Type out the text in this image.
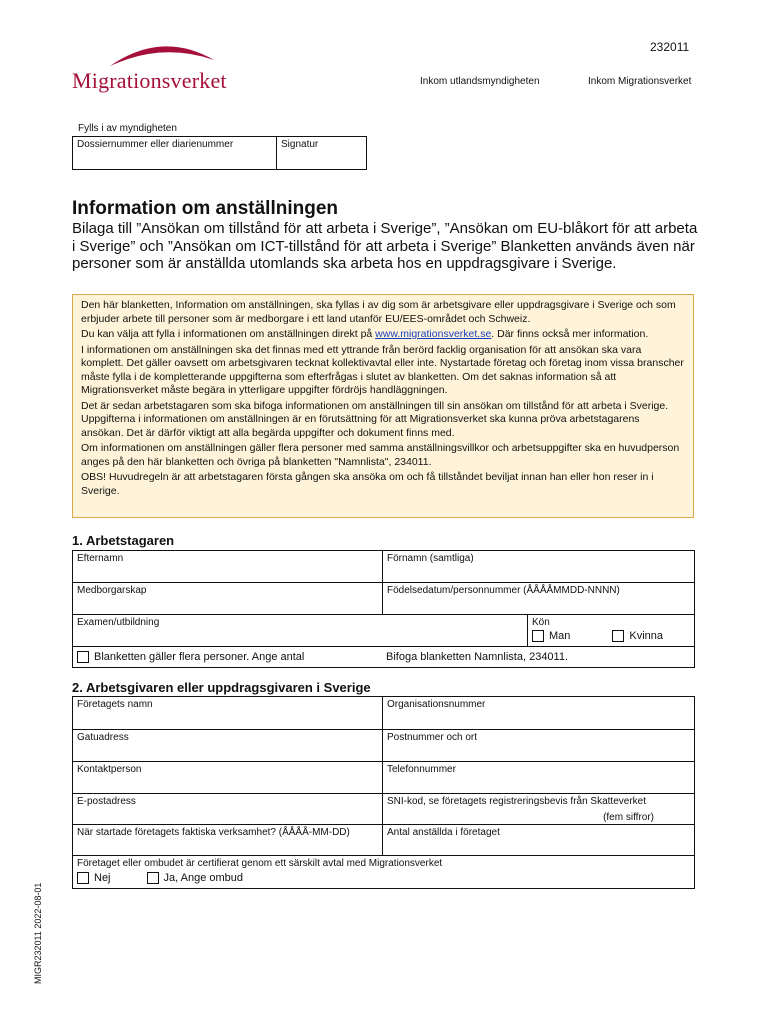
Migrationsverket
232011
Inkom utlandsmyndigheten	Inkom Migrationsverket
Fylls i av myndigheten
Dossiernummer eller diarienummer	Signatur
Information om anställningen
Bilaga till ”Ansökan om tillstånd för att arbeta i Sverige”, ”Ansökan om EU-blåkort för att arbeta i Sverige” och ”Ansökan om ICT-tillstånd för att arbeta i Sverige” Blanketten används även när personer som är anställda utomlands ska arbeta hos en uppdragsgivare i Sverige.

Den här blanketten, Information om anställningen, ska fyllas i av dig som är arbetsgivare eller uppdragsgivare i Sverige och som erbjuder arbete till personer som är medborgare i ett land utanför EU/EES-området och Schweiz.

Du kan välja att fylla i informationen om anställningen direkt på www.migrationsverket.se. Där finns också mer information.

I informationen om anställningen ska det finnas med ett yttrande från berörd facklig organisation för att ansökan ska vara komplett. Det gäller oavsett om arbetsgivaren tecknat kollektivavtal eller inte. Nystartade företag och företag inom vissa branscher måste fylla i de kompletterande uppgifterna som efterfrågas i slutet av blanketten. Om det saknas information så att Migrationsverket måste begära in ytterligare uppgifter fördröjs handläggningen.

Det är sedan arbetstagaren som ska bifoga informationen om anställningen till sin ansökan om tillstånd för att arbeta i Sverige. Uppgifterna i informationen om anställningen är en förutsättning för att Migrationsverket ska kunna pröva arbetstagarens ansökan. Det är därför viktigt att alla begärda uppgifter och dokument finns med.

Om informationen om anställningen gäller flera personer med samma anställningsvillkor och arbetsuppgifter ska en huvudperson anges på den här blanketten och övriga på blanketten "Namnlista", 234011.

OBS! Huvudregeln är att arbetstagaren första gången ska ansöka om och få tillståndet beviljat innan han eller hon reser in i Sverige.

1. Arbetstagaren
Efternamn	Förnamn (samtliga)
Medborgarskap	Födelsedatum/personnummer (ÅÅÅÅMMDD-NNNN)
Examen/utbildning	Kön
Man	Kvinna
Blanketten gäller flera personer. Ange antal	Bifoga blanketten Namnlista, 234011.
2. Arbetsgivaren eller uppdragsgivaren i Sverige
Företagets namn	Organisationsnummer
Gatuadress	Postnummer och ort
Kontaktperson	Telefonnummer
E-postadress	SNI-kod, se företagets registreringsbevis från Skatteverket
(fem siffror)
När startade företagets faktiska verksamhet? (ÅÅÅÅ-MM-DD)	Antal anställda i företaget
Företaget eller ombudet är certifierat genom ett särskilt avtal med Migrationsverket
Nej	Ja, Ange ombud
MIGR232011 2022-08-01
